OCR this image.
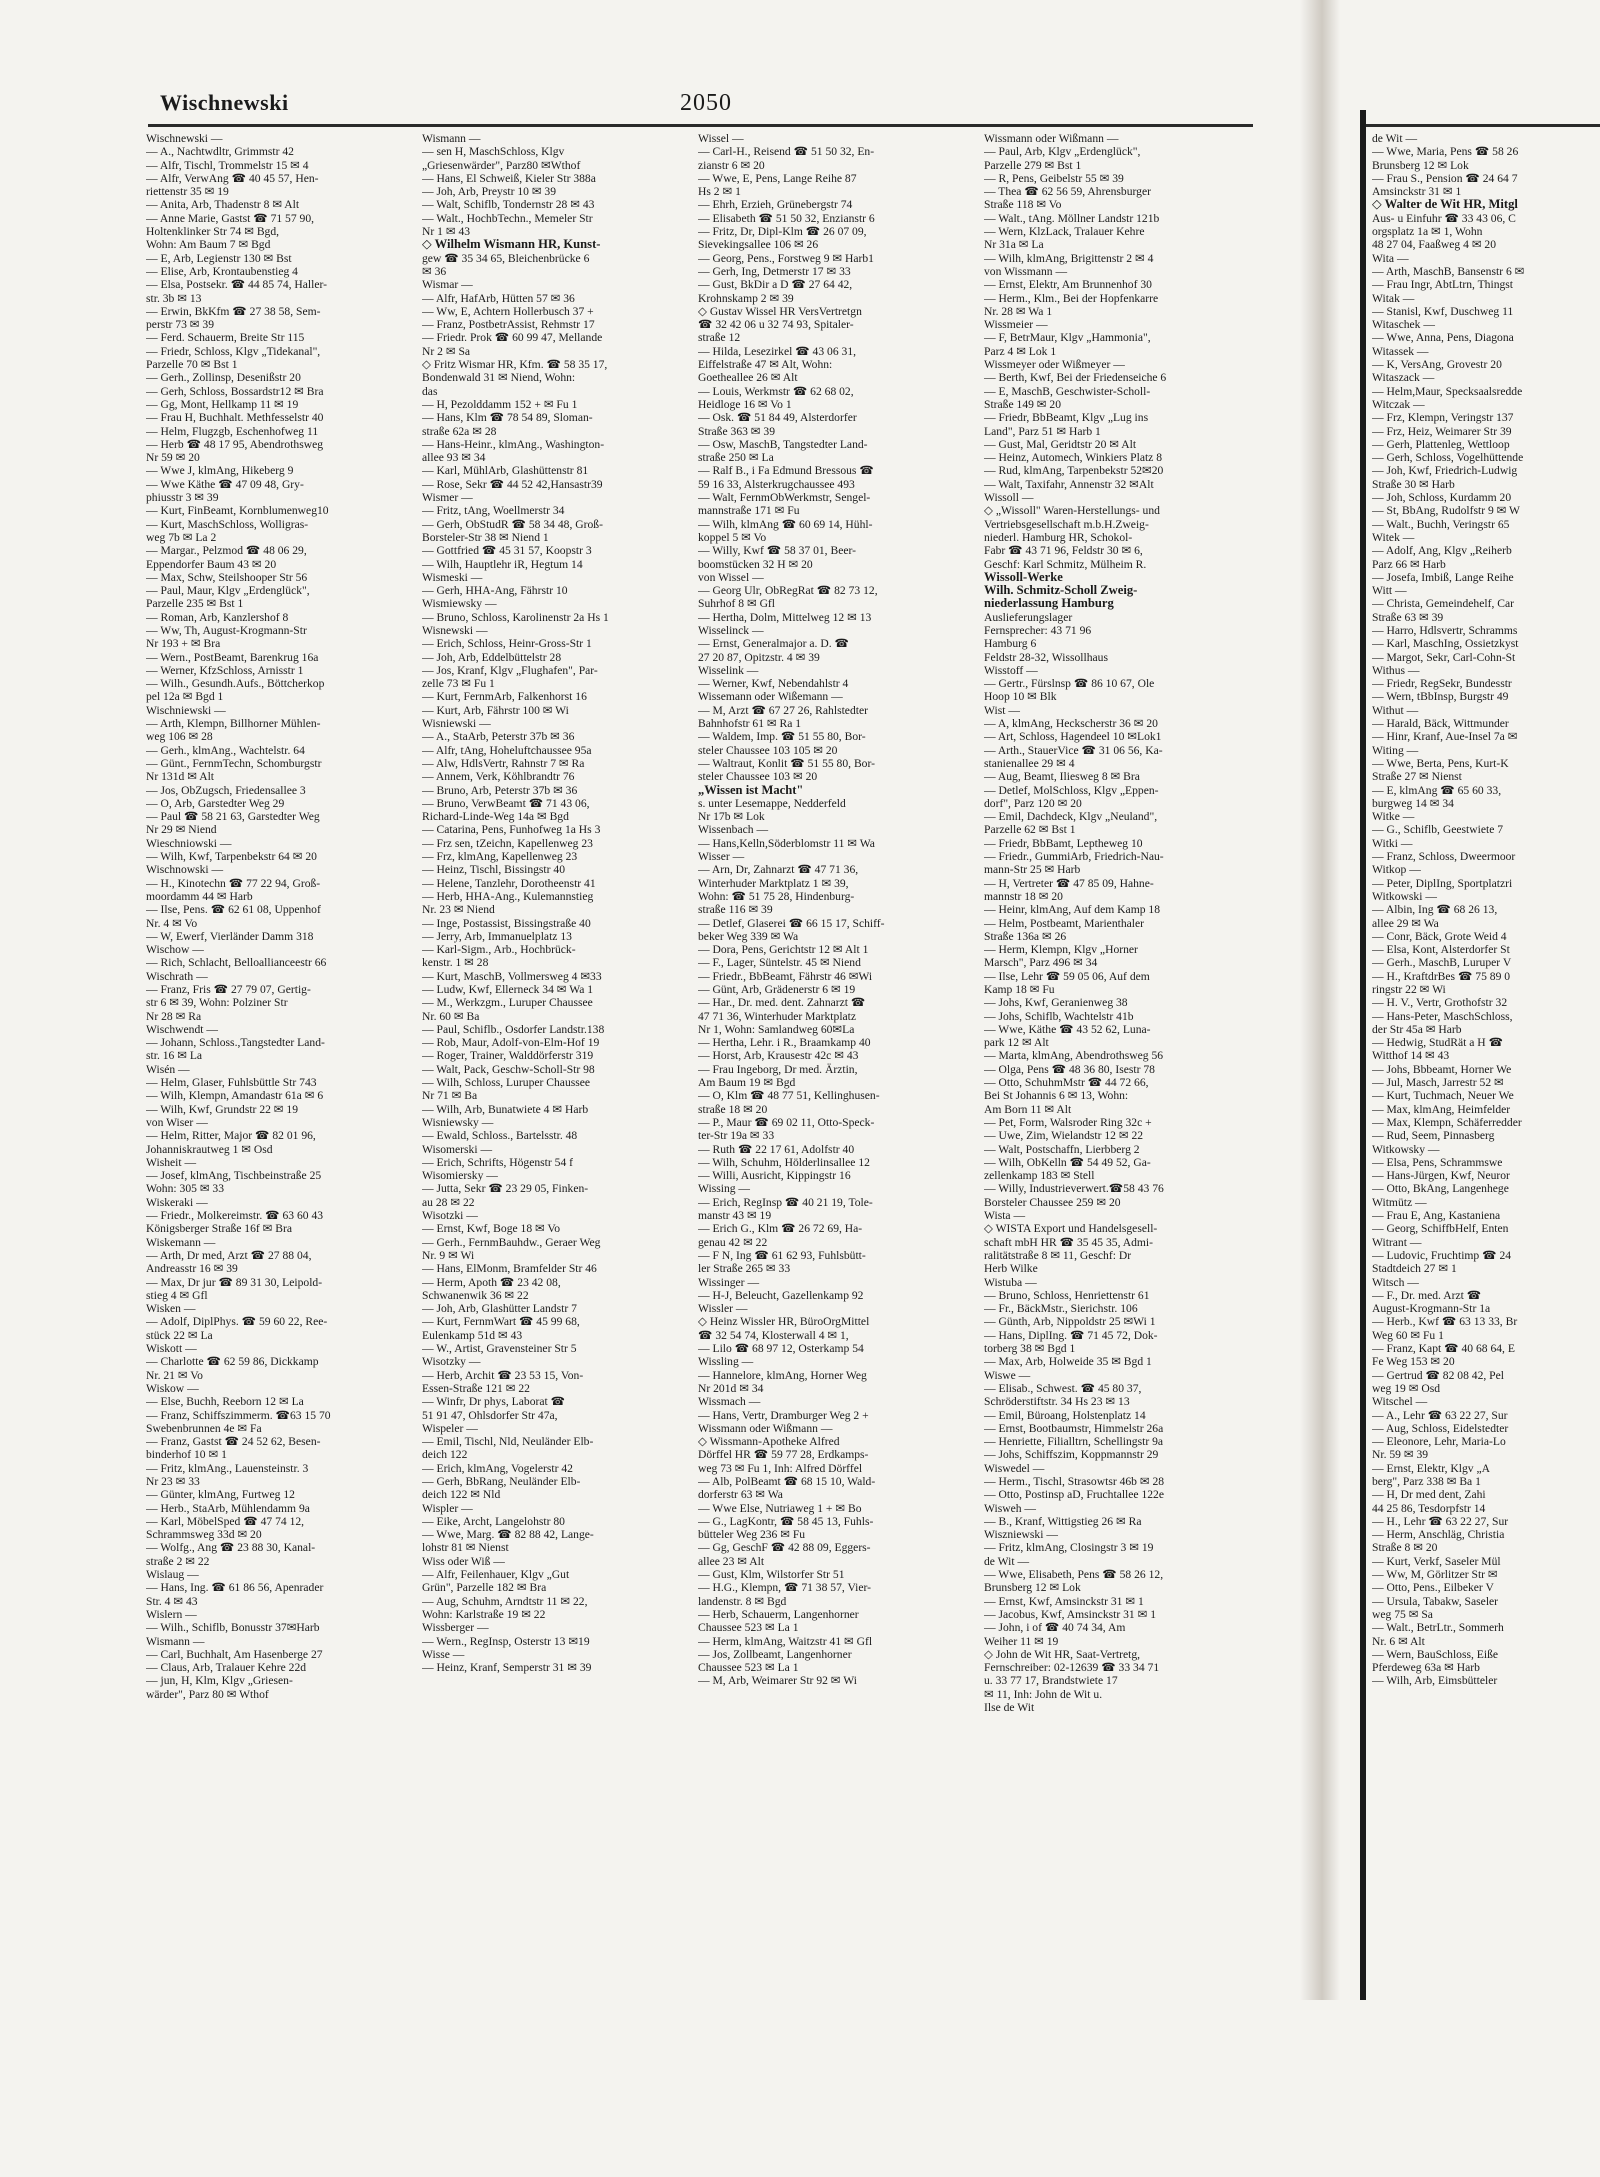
Wischnewski	2050
Wischnewski —
— A., Nachtwdltr, Grimmstr 42
— Alfr, Tischl, Trommelstr 15 ✉ 4
— Alfr, VerwAng ☎ 40 45 57, Hen-
riettenstr 35 ✉ 19
— Anita, Arb, Thadenstr 8 ✉ Alt
— Anne Marie, Gastst ☎ 71 57 90,
Holtenklinker Str 74 ✉ Bgd,
Wohn: Am Baum 7 ✉ Bgd
— E, Arb, Legienstr 130 ✉ Bst
— Elise, Arb, Krontaubenstieg 4
— Elsa, Postsekr. ☎ 44 85 74, Haller-
str. 3b ✉ 13
— Erwin, BkKfm ☎ 27 38 58, Sem-
perstr 73 ✉ 39
— Ferd. Schauerm, Breite Str 115
— Friedr, Schloss, Klgv „Tidekanal",
Parzelle 70 ✉ Bst 1
— Gerh., Zollinsp, Desenißstr 20
— Gerh, Schloss, Bossardstr12 ✉ Bra
— Gg, Mont, Hellkamp 11 ✉ 19
— Frau H, Buchhalt. Methfesselstr 40
— Helm, Flugzgb, Eschenhofweg 11
— Herb ☎ 48 17 95, Abendrothsweg
Nr 59 ✉ 20
— Wwe J, klmAng, Hikeberg 9
— Wwe Käthe ☎ 47 09 48, Gry-
phiusstr 3 ✉ 39
— Kurt, FinBeamt, Kornblumenweg10
— Kurt, MaschSchloss, Wolligras-
weg 7b ✉ La 2
— Margar., Pelzmod ☎ 48 06 29,
Eppendorfer Baum 43 ✉ 20
— Max, Schw, Steilshooper Str 56
— Paul, Maur, Klgv „Erdenglück",
Parzelle 235 ✉ Bst 1
— Roman, Arb, Kanzlershof 8
— Ww, Th, August-Krogmann-Str
Nr 193 + ✉ Bra
— Wern., PostBeamt, Barenkrug 16a
— Werner, KfzSchloss, Arnisstr 1
— Wilh., Gesundh.Aufs., Böttcherkop
pel 12a ✉ Bgd 1
Wischniewski —
— Arth, Klempn, Billhorner Mühlen-
weg 106 ✉ 28
— Gerh., klmAng., Wachtelstr. 64
— Günt., FernmTechn, Schomburgstr
Nr 131d ✉ Alt
— Jos, ObZugsch, Friedensallee 3
— O, Arb, Garstedter Weg 29
— Paul ☎ 58 21 63, Garstedter Weg
Nr 29 ✉ Niend
Wieschniowski —
— Wilh, Kwf, Tarpenbekstr 64 ✉ 20
Wischnowski —
— H., Kinotechn ☎ 77 22 94, Groß-
moordamm 44 ✉ Harb
— Ilse, Pens. ☎ 62 61 08, Uppenhof
Nr. 4 ✉ Vo
— W, Ewerf, Vierländer Damm 318
Wischow —
— Rich, Schlacht, Belloallianceestr 66
Wischrath —
— Franz, Fris ☎ 27 79 07, Gertig-
str 6 ✉ 39, Wohn: Polziner Str
Nr 28 ✉ Ra
Wischwendt —
— Johann, Schloss.,Tangstedter Land-
str. 16 ✉ La
Wisén —
— Helm, Glaser, Fuhlsbüttle Str 743
— Wilh, Klempn, Amandastr 61a ✉ 6
— Wilh, Kwf, Grundstr 22 ✉ 19
von Wiser —
— Helm, Ritter, Major ☎ 82 01 96,
Johanniskrautweg 1 ✉ Osd
Wisheit —
— Josef, klmAng, Tischbeinstraße 25
Wohn: 305 ✉ 33
Wiskeraki —
— Friedr., Molkereimstr. ☎ 63 60 43
Königsberger Straße 16f ✉ Bra
Wiskemann —
— Arth, Dr med, Arzt ☎ 27 88 04,
Andreasstr 16 ✉ 39
— Max, Dr jur ☎ 89 31 30, Leipold-
stieg 4 ✉ Gfl
Wisken —
— Adolf, DiplPhys. ☎ 59 60 22, Ree-
stück 22 ✉ La
Wiskott —
— Charlotte ☎ 62 59 86, Dickkamp
Nr. 21 ✉ Vo
Wiskow —
— Else, Buchh, Reeborn 12 ✉ La
— Franz, Schiffszimmerm. ☎63 15 70
Swebenbrunnen 4e ✉ Fa
— Franz, Gastst ☎ 24 52 62, Besen-
binderhof 10 ✉ 1
— Fritz, klmAng., Lauensteinstr. 3
Nr 23 ✉ 33
— Günter, klmAng, Furtweg 12
— Herb., StaArb, Mühlendamm 9a
— Karl, MöbelSped ☎ 47 74 12,
Schrammsweg 33d ✉ 20
— Wolfg., Ang ☎ 23 88 30, Kanal-
straße 2 ✉ 22
Wislaug —
— Hans, Ing. ☎ 61 86 56, Apenrader
Str. 4 ✉ 43
Wislern —
— Wilh., Schiflb, Bonusstr 37✉Harb
Wismann —
— Carl, Buchhalt, Am Hasenberge 27
— Claus, Arb, Tralauer Kehre 22d
— jun, H, Klm, Klgv „Griesen-
wärder", Parz 80 ✉ Wthof
Wismann —
— sen H, MaschSchloss, Klgv
„Griesenwärder", Parz80 ✉Wthof
— Hans, El Schweiß, Kieler Str 388a
— Joh, Arb, Preystr 10 ✉ 39
— Walt, Schiflb, Tondernstr 28 ✉ 43
— Walt., HochbTechn., Memeler Str
Nr 1 ✉ 43
◇ Wilhelm Wismann HR, Kunst-
gew ☎ 35 34 65, Bleichenbrücke 6
✉ 36
Wismar —
— Alfr, HafArb, Hütten 57 ✉ 36
— Ww, E, Achtern Hollerbusch 37 +
— Franz, PostbetrAssist, Rehmstr 17
— Friedr. Prok ☎ 60 99 47, Mellande
Nr 2 ✉ Sa
◇ Fritz Wismar HR, Kfm. ☎ 58 35 17,
Bondenwald 31 ✉ Niend, Wohn:
das
— H, Pezolddamm 152 + ✉ Fu 1
— Hans, Klm ☎ 78 54 89, Sloman-
straße 62a ✉ 28
— Hans-Heinr., klmAng., Washington-
allee 93 ✉ 34
— Karl, MühlArb, Glashüttenstr 81
— Rose, Sekr ☎ 44 52 42,Hansastr39
Wismer —
— Fritz, tAng, Woellmerstr 34
— Gerh, ObStudR ☎ 58 34 48, Groß-
Borsteler-Str 38 ✉ Niend 1
— Gottfried ☎ 45 31 57, Koopstr 3
— Wilh, Hauptlehr iR, Hegtum 14
Wismeski —
— Gerh, HHA-Ang, Fährstr 10
Wismiewsky —
— Bruno, Schloss, Karolinenstr 2a Hs 1
Wisnewski —
— Erich, Schloss, Heinr-Gross-Str 1
— Joh, Arb, Eddelbüttelstr 28
— Jos, Kranf, Klgv „Flughafen", Par-
zelle 73 ✉ Fu 1
— Kurt, FernmArb, Falkenhorst 16
— Kurt, Arb, Fährstr 100 ✉ Wi
Wisniewski —
— A., StaArb, Peterstr 37b ✉ 36
— Alfr, tAng, Hoheluftchaussee 95a
— Alw, HdlsVertr, Rahnstr 7 ✉ Ra
— Annem, Verk, Köhlbrandtr 76
— Bruno, Arb, Peterstr 37b ✉ 36
— Bruno, VerwBeamt ☎ 71 43 06,
Richard-Linde-Weg 14a ✉ Bgd
— Catarina, Pens, Funhofweg 1a Hs 3
— Frz sen, tZeichn, Kapellenweg 23
— Frz, klmAng, Kapellenweg 23
— Heinz, Tischl, Bissingstr 40
— Helene, Tanzlehr, Dorotheenstr 41
— Herb, HHA-Ang., Kulemannstieg
Nr. 23 ✉ Niend
— Inge, Postassist, Bissingstraße 40
— Jerry, Arb, Immanuelplatz 13
— Karl-Sigm., Arb., Hochbrück-
kenstr. 1 ✉ 28
— Kurt, MaschB, Vollmersweg 4 ✉33
— Ludw, Kwf, Ellerneck 34 ✉ Wa 1
— M., Werkzgm., Luruper Chaussee
Nr. 60 ✉ Ba
— Paul, Schiflb., Osdorfer Landstr.138
— Rob, Maur, Adolf-von-Elm-Hof 19
— Roger, Trainer, Walddörferstr 319
— Walt, Pack, Geschw-Scholl-Str 98
— Wilh, Schloss, Luruper Chaussee
Nr 71 ✉ Ba
— Wilh, Arb, Bunatwiete 4 ✉ Harb
Wisniewsky —
— Ewald, Schloss., Bartelsstr. 48
Wisomerski —
— Erich, Schrifts, Högenstr 54 f
Wisomiersky —
— Jutta, Sekr ☎ 23 29 05, Finken-
au 28 ✉ 22
Wisotzki —
— Ernst, Kwf, Boge 18 ✉ Vo
— Gerh., FernmBauhdw., Geraer Weg
Nr. 9 ✉ Wi
— Hans, ElMonm, Bramfelder Str 46
— Herm, Apoth ☎ 23 42 08,
Schwanenwik 36 ✉ 22
— Joh, Arb, Glashütter Landstr 7
— Kurt, FernmWart ☎ 45 99 68,
Eulenkamp 51d ✉ 43
— W., Artist, Gravensteiner Str 5
Wisotzky —
— Herb, Archit ☎ 23 53 15, Von-
Essen-Straße 121 ✉ 22
— Winfr, Dr phys, Laborat ☎
51 91 47, Ohlsdorfer Str 47a,
Wispeler —
— Emil, Tischl, Nld, Neuländer Elb-
deich 122
— Erich, klmAng, Vogelerstr 42
— Gerh, BbRang, Neuländer Elb-
deich 122 ✉ Nld
Wispler —
— Eike, Archt, Langelohstr 80
— Wwe, Marg. ☎ 82 88 42, Lange-
lohstr 81 ✉ Nienst
Wiss oder Wiß —
— Alfr, Feilenhauer, Klgv „Gut
Grün", Parzelle 182 ✉ Bra
— Aug, Schuhm, Arndtstr 11 ✉ 22,
Wohn: Karlstraße 19 ✉ 22
Wissberger —
— Wern., RegInsp, Osterstr 13 ✉19
Wisse —
— Heinz, Kranf, Semperstr 31 ✉ 39
Wissel —
— Carl-H., Reisend ☎ 51 50 32, En-
zianstr 6 ✉ 20
— Wwe, E, Pens, Lange Reihe 87
Hs 2 ✉ 1
— Ehrh, Erzieh, Grünebergstr 74
— Elisabeth ☎ 51 50 32, Enzianstr 6
— Fritz, Dr, Dipl-Klm ☎ 26 07 09,
Sievekingsallee 106 ✉ 26
— Georg, Pens., Forstweg 9 ✉ Harb1
— Gerh, Ing, Detmerstr 17 ✉ 33
— Gust, BkDir a D ☎ 27 64 42,
Krohnskamp 2 ✉ 39
◇ Gustav Wissel HR VersVertretgn
☎ 32 42 06 u 32 74 93, Spitaler-
straße 12
— Hilda, Lesezirkel ☎ 43 06 31,
Eiffelstraße 47 ✉ Alt, Wohn:
Goetheallee 26 ✉ Alt
— Louis, Werkmstr ☎ 62 68 02,
Heidloge 16 ✉ Vo 1
— Osk. ☎ 51 84 49, Alsterdorfer
Straße 363 ✉ 39
— Osw, MaschB, Tangstedter Land-
straße 250 ✉ La
— Ralf B., i Fa Edmund Bressous ☎
59 16 33, Alsterkrugchaussee 493
— Walt, FernmObWerkmstr, Sengel-
mannstraße 171 ✉ Fu
— Wilh, klmAng ☎ 60 69 14, Hühl-
koppel 5 ✉ Vo
— Willy, Kwf ☎ 58 37 01, Beer-
boomstücken 32 H ✉ 20
von Wissel —
— Georg Ulr, ObRegRat ☎ 82 73 12,
Suhrhof 8 ✉ Gfl
— Hertha, Dolm, Mittelweg 12 ✉ 13
Wisselinck —
— Ernst, Generalmajor a. D. ☎
27 20 87, Opitzstr. 4 ✉ 39
Wisselink —
— Werner, Kwf, Nebendahlstr 4
Wissemann oder Wißemann —
— M, Arzt ☎ 67 27 26, Rahlstedter
Bahnhofstr 61 ✉ Ra 1
— Waldem, Imp. ☎ 51 55 80, Bor-
steler Chaussee 103 105 ✉ 20
— Waltraut, Konlit ☎ 51 55 80, Bor-
steler Chaussee 103 ✉ 20
„Wissen ist Macht"
s. unter Lesemappe, Nedderfeld
Nr 17b ✉ Lok
Wissenbach —
— Hans,Kelln,Söderblomstr 11 ✉ Wa
Wisser —
— Arn, Dr, Zahnarzt ☎ 47 71 36,
Winterhuder Marktplatz 1 ✉ 39,
Wohn: ☎ 51 75 28, Hindenburg-
straße 116 ✉ 39
— Detlef, Glaserei ☎ 66 15 17, Schiff-
beker Weg 339 ✉ Wa
— Dora, Pens, Gerichtstr 12 ✉ Alt 1
— F., Lager, Süntelstr. 45 ✉ Niend
— Friedr., BbBeamt, Fährstr 46 ✉Wi
— Günt, Arb, Grädenerstr 6 ✉ 19
— Har., Dr. med. dent. Zahnarzt ☎
47 71 36, Winterhuder Marktplatz
Nr 1, Wohn: Samlandweg 60✉La
— Hertha, Lehr. i R., Braamkamp 40
— Horst, Arb, Krausestr 42c ✉ 43
— Frau Ingeborg, Dr med. Ärztin,
Am Baum 19 ✉ Bgd
— O, Klm ☎ 48 77 51, Kellinghusen-
straße 18 ✉ 20
— P., Maur ☎ 69 02 11, Otto-Speck-
ter-Str 19a ✉ 33
— Ruth ☎ 22 17 61, Adolfstr 40
— Wilh, Schuhm, Hölderlinsallee 12
— Willi, Ausricht, Kippingstr 16
Wissing —
— Erich, RegInsp ☎ 40 21 19, Tole-
manstr 43 ✉ 19
— Erich G., Klm ☎ 26 72 69, Ha-
genau 42 ✉ 22
— F N, Ing ☎ 61 62 93, Fuhlsbütt-
ler Straße 265 ✉ 33
Wissinger —
— H-J, Beleucht, Gazellenkamp 92
Wissler —
◇ Heinz Wissler HR, BüroOrgMittel
☎ 32 54 74, Klosterwall 4 ✉ 1,
— Lilo ☎ 68 97 12, Osterkamp 54
Wissling —
— Hannelore, klmAng, Horner Weg
Nr 201d ✉ 34
Wissmach —
— Hans, Vertr, Dramburger Weg 2 +
Wissmann oder Wißmann —
◇ Wissmann-Apotheke Alfred
Dörffel HR ☎ 59 77 28, Erdkamps-
weg 73 ✉ Fu 1, Inh: Alfred Dörffel
— Alb, PolBeamt ☎ 68 15 10, Wald-
dorferstr 63 ✉ Wa
— Wwe Else, Nutriaweg 1 + ✉ Bo
— G., LagKontr, ☎ 58 45 13, Fuhls-
bütteler Weg 236 ✉ Fu
— Gg, GeschF ☎ 42 88 09, Eggers-
allee 23 ✉ Alt
— Gust, Klm, Wilstorfer Str 51
— H.G., Klempn, ☎ 71 38 57, Vier-
landenstr. 8 ✉ Bgd
— Herb, Schauerm, Langenhorner
Chaussee 523 ✉ La 1
— Herm, klmAng, Waitzstr 41 ✉ Gfl
— Jos, Zollbeamt, Langenhorner
Chaussee 523 ✉ La 1
— M, Arb, Weimarer Str 92 ✉ Wi
Wissmann oder Wißmann —
— Paul, Arb, Klgv „Erdenglück",
Parzelle 279 ✉ Bst 1
— R, Pens, Geibelstr 55 ✉ 39
— Thea ☎ 62 56 59, Ahrensburger
Straße 118 ✉ Vo
— Walt., tAng. Möllner Landstr 121b
— Wern, KlzLack, Tralauer Kehre
Nr 31a ✉ La
— Wilh, klmAng, Brigittenstr 2 ✉ 4
von Wissmann —
— Ernst, Elektr, Am Brunnenhof 30
— Herm., Klm., Bei der Hopfenkarre
Nr. 28 ✉ Wa 1
Wissmeier —
— F, BetrMaur, Klgv „Hammonia",
Parz 4 ✉ Lok 1
Wissmeyer oder Wißmeyer —
— Berth, Kwf, Bei der Friedenseiche 6
— E, MaschB, Geschwister-Scholl-
Straße 149 ✉ 20
— Friedr, BbBeamt, Klgv „Lug ins
Land", Parz 51 ✉ Harb 1
— Gust, Mal, Geridtstr 20 ✉ Alt
— Heinz, Automech, Winkiers Platz 8
— Rud, klmAng, Tarpenbekstr 52✉20
— Walt, Taxifahr, Annenstr 32 ✉Alt
Wissoll —
◇ „Wissoll" Waren-Herstellungs- und
Vertriebsgesellschaft m.b.H.Zweig-
niederl. Hamburg HR, Schokol-
Fabr ☎ 43 71 96, Feldstr 30 ✉ 6,
Geschf: Karl Schmitz, Mülheim R.
Wissoll-Werke
Wilh. Schmitz-Scholl Zweig-
niederlassung Hamburg
Auslieferungslager
Fernsprecher: 43 71 96
Hamburg 6
Feldstr 28-32, Wissollhaus
Wisstoff —
— Gertr., Fürslnsp ☎ 86 10 67, Ole
Hoop 10 ✉ Blk
Wist —
— A, klmAng, Heckscherstr 36 ✉ 20
— Art, Schloss, Hagendeel 10 ✉Lok1
— Arth., StauerVice ☎ 31 06 56, Ka-
stanienallee 29 ✉ 4
— Aug, Beamt, Iliesweg 8 ✉ Bra
— Detlef, MolSchloss, Klgv „Eppen-
dorf", Parz 120 ✉ 20
— Emil, Dachdeck, Klgv „Neuland",
Parzelle 62 ✉ Bst 1
— Friedr, BbBamt, Leptheweg 10
— Friedr., GummiArb, Friedrich-Nau-
mann-Str 25 ✉ Harb
— H, Vertreter ☎ 47 85 09, Hahne-
mannstr 18 ✉ 20
— Heinr, klmAng, Auf dem Kamp 18
— Helm, Postbeamt, Marienthaler
Straße 136a ✉ 26
— Herm, Klempn, Klgv „Horner
Marsch", Parz 496 ✉ 34
— Ilse, Lehr ☎ 59 05 06, Auf dem
Kamp 18 ✉ Fu
— Johs, Kwf, Geranienweg 38
— Johs, Schiflb, Wachtelstr 41b
— Wwe, Käthe ☎ 43 52 62, Luna-
park 12 ✉ Alt
— Marta, klmAng, Abendrothsweg 56
— Olga, Pens ☎ 48 36 80, Isestr 78
— Otto, SchuhmMstr ☎ 44 72 66,
Bei St Johannis 6 ✉ 13, Wohn:
Am Born 11 ✉ Alt
— Pet, Form, Walsroder Ring 32c +
— Uwe, Zim, Wielandstr 12 ✉ 22
— Walt, Postschaffn, Lierbberg 2
— Wilh, ObKelln ☎ 54 49 52, Ga-
zellenkamp 183 ✉ Stell
— Willy, Industrieverwert.☎58 43 76
Borsteler Chaussee 259 ✉ 20
Wista —
◇ WISTA Export und Handelsgesell-
schaft mbH HR ☎ 35 45 35, Admi-
ralitätstraße 8 ✉ 11, Geschf: Dr
Herb Wilke
Wistuba —
— Bruno, Schloss, Henriettenstr 61
— Fr., BäckMstr., Sierichstr. 106
— Günth, Arb, Nippoldstr 25 ✉Wi 1
— Hans, DiplIng. ☎ 71 45 72, Dok-
torberg 38 ✉ Bgd 1
— Max, Arb, Holweide 35 ✉ Bgd 1
Wiswe —
— Elisab., Schwest. ☎ 45 80 37,
Schröderstiftstr. 34 Hs 23 ✉ 13
— Emil, Büroang, Holstenplatz 14
— Ernst, Bootbaumstr, Himmelstr 26a
— Henriette, Filialltrn, Schellingstr 9a
— Johs, Schiffszim, Koppmannstr 29
Wiswedel —
— Herm., Tischl, Strasowtsr 46b ✉ 28
— Otto, Postinsp aD, Fruchtallee 122e
Wisweh —
— B., Kranf, Wittigstieg 26 ✉ Ra
Wiszniewski —
— Fritz, klmAng, Closingstr 3 ✉ 19
de Wit —
— Wwe, Elisabeth, Pens ☎ 58 26 12,
Brunsberg 12 ✉ Lok
— Ernst, Kwf, Amsinckstr 31 ✉ 1
— Jacobus, Kwf, Amsinckstr 31 ✉ 1
— John, i of ☎ 40 74 34, Am
Weiher 11 ✉ 19
◇ John de Wit HR, Saat-Vertretg,
Fernschreiber: 02-12639 ☎ 33 34 71
u. 33 77 17, Brandstwiete 17
✉ 11, Inh: John de Wit u.
Ilse de Wit
de Wit —
— Wwe, Maria, Pens ☎ 58 26
Brunsberg 12 ✉ Lok
— Frau S., Pension ☎ 24 64 7
Amsinckstr 31 ✉ 1
◇ Walter de Wit HR, Mitgl
Aus- u Einfuhr ☎ 33 43 06, C
orgsplatz 1a ✉ 1, Wohn
48 27 04, Faaßweg 4 ✉ 20
Wita —
— Arth, MaschB, Bansenstr 6 ✉
— Frau Ingr, AbtLtrn, Thingst
Witak —
— Stanisl, Kwf, Duschweg 11
Witaschek —
— Wwe, Anna, Pens, Diagona
Witassek —
— K, VersAng, Grovestr 20
Witaszack —
— Helm,Maur, Specksaalsredde
Witczak —
— Frz, Klempn, Veringstr 137
— Frz, Heiz, Weimarer Str 39
— Gerh, Plattenleg, Wettloop
— Gerh, Schloss, Vogelhüttende
— Joh, Kwf, Friedrich-Ludwig
Straße 30 ✉ Harb
— Joh, Schloss, Kurdamm 20
— St, BbAng, Rudolfstr 9 ✉ W
— Walt., Buchh, Veringstr 65
Witek —
— Adolf, Ang, Klgv „Reiherb
Parz 66 ✉ Harb
— Josefa, Imbiß, Lange Reihe
Witt —
— Christa, Gemeindehelf, Car
Straße 63 ✉ 39
— Harro, Hdlsvertr, Schramms
— Karl, MaschIng, Ossietzkyst
— Margot, Sekr, Carl-Cohn-St
Withus —
— Friedr, RegSekr, Bundesstr
— Wern, tBbInsp, Burgstr 49
Withut —
— Harald, Bäck, Wittmunder
— Hinr, Kranf, Aue-Insel 7a ✉
Witing —
— Wwe, Berta, Pens, Kurt-K
Straße 27 ✉ Nienst
— E, klmAng ☎ 65 60 33,
burgweg 14 ✉ 34
Witke —
— G., Schiflb, Geestwiete 7
Witki —
— Franz, Schloss, Dweermoor
Witkop —
— Peter, DiplIng, Sportplatzri
Witkowski —
— Albin, Ing ☎ 68 26 13,
allee 29 ✉ Wa
— Conr, Bäck, Grote Weid 4
— Elsa, Kont, Alsterdorfer St
— Gerh., MaschB, Luruper V
— H., KraftdrBes ☎ 75 89 0
ringstr 22 ✉ Wi
— H. V., Vertr, Grothofstr 32
— Hans-Peter, MaschSchloss,
der Str 45a ✉ Harb
— Hedwig, StudRät a H ☎
Witthof 14 ✉ 43
— Johs, Bbbeamt, Horner We
— Jul, Masch, Jarrestr 52 ✉
— Kurt, Tuchmach, Neuer We
— Max, klmAng, Heimfelder
— Max, Klempn, Schäferredder
— Rud, Seem, Pinnasberg
Witkowsky —
— Elsa, Pens, Schrammswe
— Hans-Jürgen, Kwf, Neuror
— Otto, BkAng, Langenhege
Witmütz —
— Frau E, Ang, Kastaniena
— Georg, SchiffbHelf, Enten
Witrant —
— Ludovic, Fruchtimp ☎ 24
Stadtdeich 27 ✉ 1
Witsch —
— F., Dr. med. Arzt ☎
August-Krogmann-Str 1a
— Herb., Kwf ☎ 63 13 33, Br
Weg 60 ✉ Fu 1
— Franz, Kapt ☎ 40 68 64, E
Fe Weg 153 ✉ 20
— Gertrud ☎ 82 08 42, Pel
weg 19 ✉ Osd
Witschel —
— A., Lehr ☎ 63 22 27, Sur
— Aug, Schloss, Eidelstedter
— Eleonore, Lehr, Maria-Lo
Nr. 59 ✉ 39
— Ernst, Elektr, Klgv „A
berg", Parz 338 ✉ Ba 1
— H, Dr med dent, Zahi
44 25 86, Tesdorpfstr 14
— H., Lehr ☎ 63 22 27, Sur
— Herm, Anschläg, Christia
Straße 8 ✉ 20
— Kurt, Verkf, Saseler Mül
— Ww, M, Görlitzer Str ✉
— Otto, Pens., Eilbeker V
— Ursula, Tabakw, Saseler
weg 75 ✉ Sa
— Walt., BetrLtr., Sommerh
Nr. 6 ✉ Alt
— Wern, BauSchloss, Eiße
Pferdeweg 63a ✉ Harb
— Wilh, Arb, Eimsbütteler
